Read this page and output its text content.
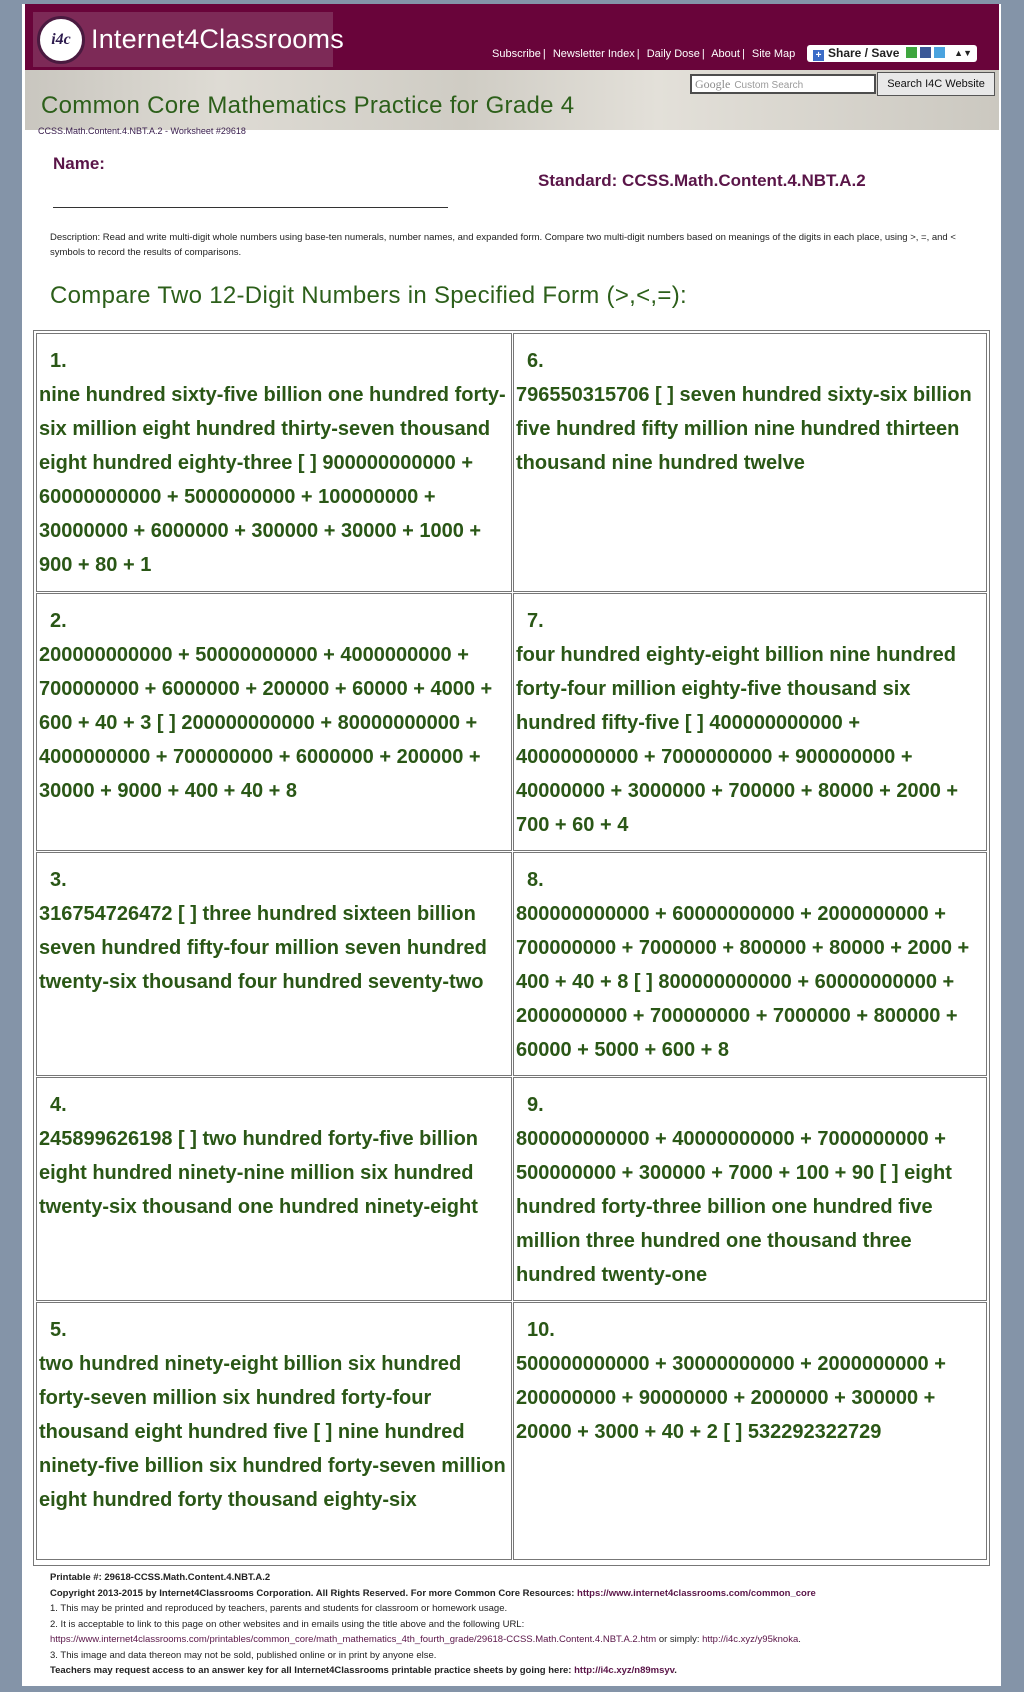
i4c Internet4Classrooms	Subscribe | Newsletter Index | Daily Dose | About | Site Map	+ Share / Save	▲▼
Google Custom Search	Search I4C Website
Common Core Mathematics Practice for Grade 4
CCSS.Math.Content.4.NBT.A.2 - Worksheet #29618
Name:
Standard: CCSS.Math.Content.4.NBT.A.2
Description: Read and write multi-digit whole numbers using base-ten numerals, number names, and expanded form. Compare two multi-digit numbers based on meanings of the digits in each place, using >, =, and < symbols to record the results of comparisons.
Compare Two 12-Digit Numbers in Specified Form (>,<,=):
1.
nine hundred sixty-five billion one hundred forty-six million eight hundred thirty-seven thousand eight hundred eighty-three [ ] 900000000000 + 60000000000 + 5000000000 + 100000000 + 30000000 + 6000000 + 300000 + 30000 + 1000 + 900 + 80 + 1
6.
796550315706 [ ] seven hundred sixty-six billion five hundred fifty million nine hundred thirteen thousand nine hundred twelve
2.
200000000000 + 50000000000 + 4000000000 + 700000000 + 6000000 + 200000 + 60000 + 4000 + 600 + 40 + 3 [ ] 200000000000 + 80000000000 + 4000000000 + 700000000 + 6000000 + 200000 + 30000 + 9000 + 400 + 40 + 8
7.
four hundred eighty-eight billion nine hundred forty-four million eighty-five thousand six hundred fifty-five [ ] 400000000000 + 40000000000 + 7000000000 + 900000000 + 40000000 + 3000000 + 700000 + 80000 + 2000 + 700 + 60 + 4
3.
316754726472 [ ] three hundred sixteen billion seven hundred fifty-four million seven hundred twenty-six thousand four hundred seventy-two
8.
800000000000 + 60000000000 + 2000000000 + 700000000 + 7000000 + 800000 + 80000 + 2000 + 400 + 40 + 8 [ ] 800000000000 + 60000000000 + 2000000000 + 700000000 + 7000000 + 800000 + 60000 + 5000 + 600 + 8
4.
245899626198 [ ] two hundred forty-five billion eight hundred ninety-nine million six hundred twenty-six thousand one hundred ninety-eight
9.
800000000000 + 40000000000 + 7000000000 + 500000000 + 300000 + 7000 + 100 + 90 [ ] eight hundred forty-three billion one hundred five million three hundred one thousand three hundred twenty-one
5.
two hundred ninety-eight billion six hundred forty-seven million six hundred forty-four thousand eight hundred five [ ] nine hundred ninety-five billion six hundred forty-seven million eight hundred forty thousand eighty-six
10.
500000000000 + 30000000000 + 2000000000 + 200000000 + 90000000 + 2000000 + 300000 + 20000 + 3000 + 40 + 2 [ ] 532292322729
Printable #: 29618-CCSS.Math.Content.4.NBT.A.2
Copyright 2013-2015 by Internet4Classrooms Corporation. All Rights Reserved. For more Common Core Resources: https://www.internet4classrooms.com/common_core
1. This may be printed and reproduced by teachers, parents and students for classroom or homework usage.
2. It is acceptable to link to this page on other websites and in emails using the title above and the following URL:
https://www.internet4classrooms.com/printables/common_core/math_mathematics_4th_fourth_grade/29618-CCSS.Math.Content.4.NBT.A.2.htm or simply: http://i4c.xyz/y95knoka.
3. This image and data thereon may not be sold, published online or in print by anyone else.
Teachers may request access to an answer key for all Internet4Classrooms printable practice sheets by going here: http://i4c.xyz/n89msyv.
